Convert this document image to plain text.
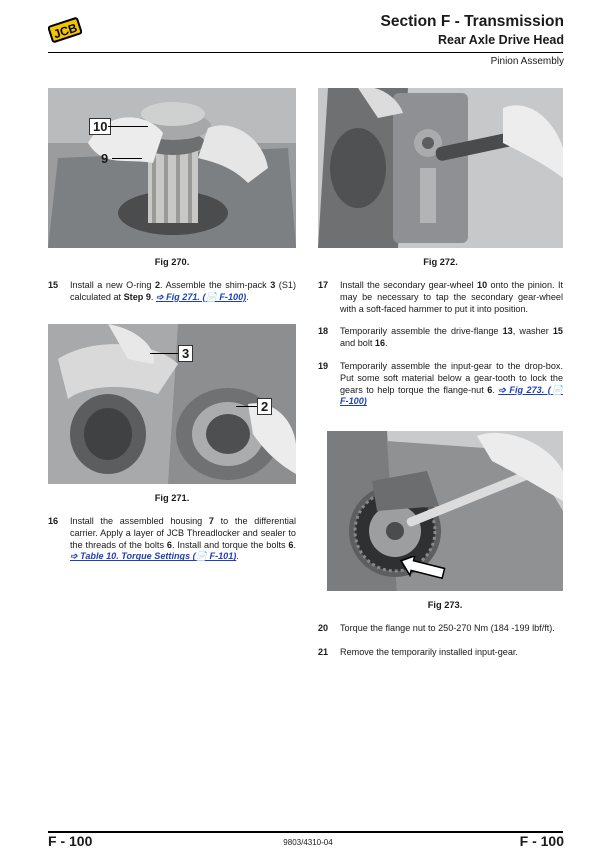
JCB	Section F - Transmission
Rear Axle Drive Head
Pinion Assembly
10
9
Fig 270.	Fig 272.
15 Install a new O-ring 2. Assemble the shim-pack 3 (S1) calculated at Step 9. ➩ Fig 271. (📄 F-100).
3
2
Fig 271.
16 Install the assembled housing 7 to the differential carrier. Apply a layer of JCB Threadlocker and sealer to the threads of the bolts 6. Install and torque the bolts 6. ➩ Table 10. Torque Settings (📄 F-101).
17 Install the secondary gear-wheel 10 onto the pinion. It may be necessary to tap the secondary gear-wheel with a soft-faced hammer to put it into position.
18 Temporarily assemble the drive-flange 13, washer 15 and bolt 16.
19 Temporarily assemble the input-gear to the drop-box. Put some soft material below a gear-tooth to lock the gears to help torque the flange-nut 6. ➩ Fig 273. (📄 F-100)
Fig 273.
20 Torque the flange nut to 250-270 Nm (184 -199 lbf/ft).
21 Remove the temporarily installed input-gear.
F - 100	9803/4310-04	F - 100
